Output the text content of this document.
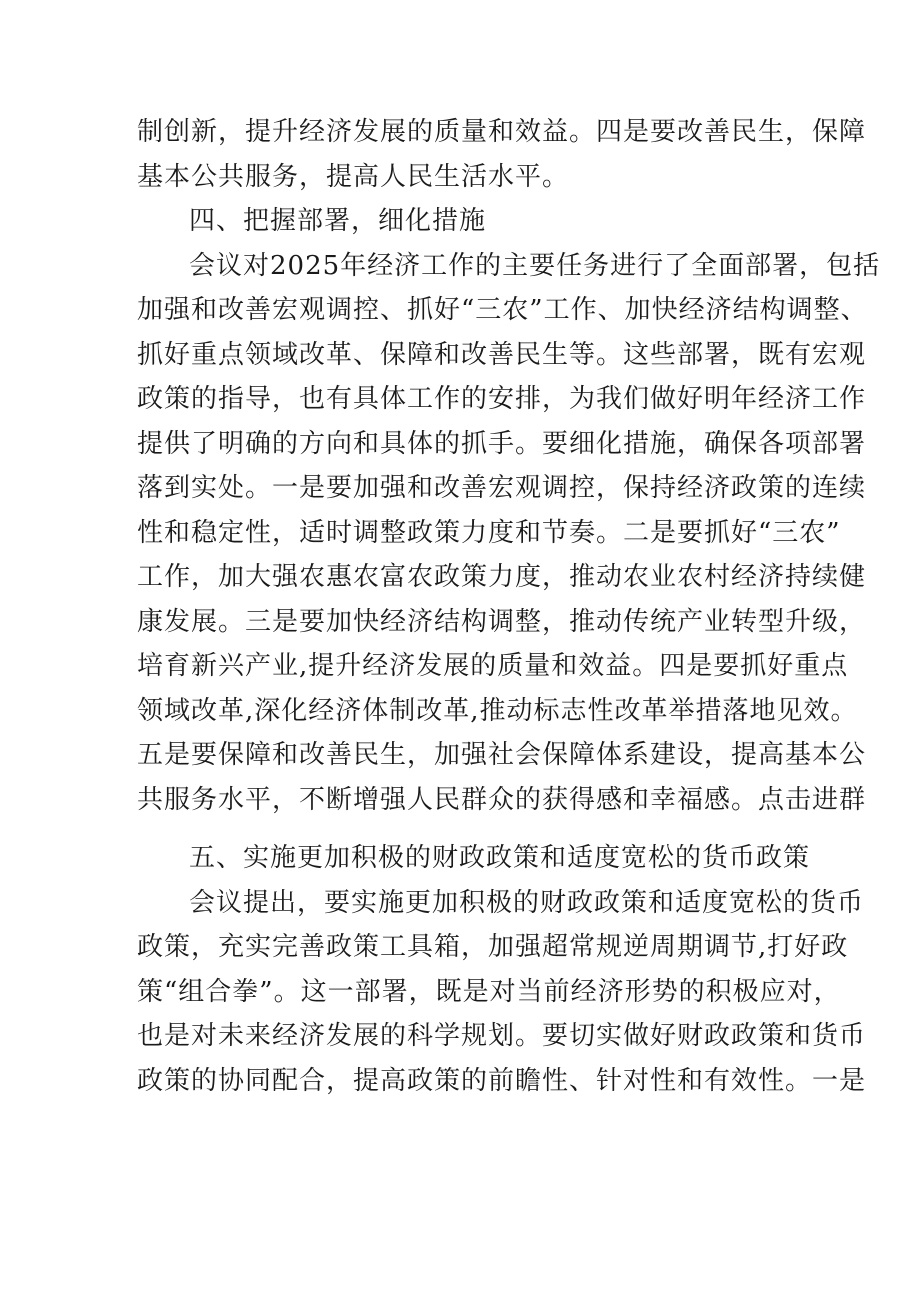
制创新，提升经济发展的质量和效益。四是要改善民生，保障
基本公共服务，提高人民生活水平。
四、把握部署，细化措施
会议对2025年经济工作的主要任务进行了全面部署，包括
加强和改善宏观调控、抓好“三农”工作、加快经济结构调整、
抓好重点领域改革、保障和改善民生等。这些部署，既有宏观
政策的指导，也有具体工作的安排，为我们做好明年经济工作
提供了明确的方向和具体的抓手。要细化措施，确保各项部署
落到实处。一是要加强和改善宏观调控，保持经济政策的连续
性和稳定性，适时调整政策力度和节奏。二是要抓好“三农”
工作，加大强农惠农富农政策力度，推动农业农村经济持续健
康发展。三是要加快经济结构调整，推动传统产业转型升级，
培育新兴产业,提升经济发展的质量和效益。四是要抓好重点
领域改革,深化经济体制改革,推动标志性改革举措落地见效。
五是要保障和改善民生，加强社会保障体系建设，提高基本公
共服务水平，不断增强人民群众的获得感和幸福感。点击进群
五、实施更加积极的财政政策和适度宽松的货币政策
会议提出，要实施更加积极的财政政策和适度宽松的货币
政策，充实完善政策工具箱，加强超常规逆周期调节,打好政
策“组合拳”。这一部署，既是对当前经济形势的积极应对，
也是对未来经济发展的科学规划。要切实做好财政政策和货币
政策的协同配合，提高政策的前瞻性、针对性和有效性。一是
